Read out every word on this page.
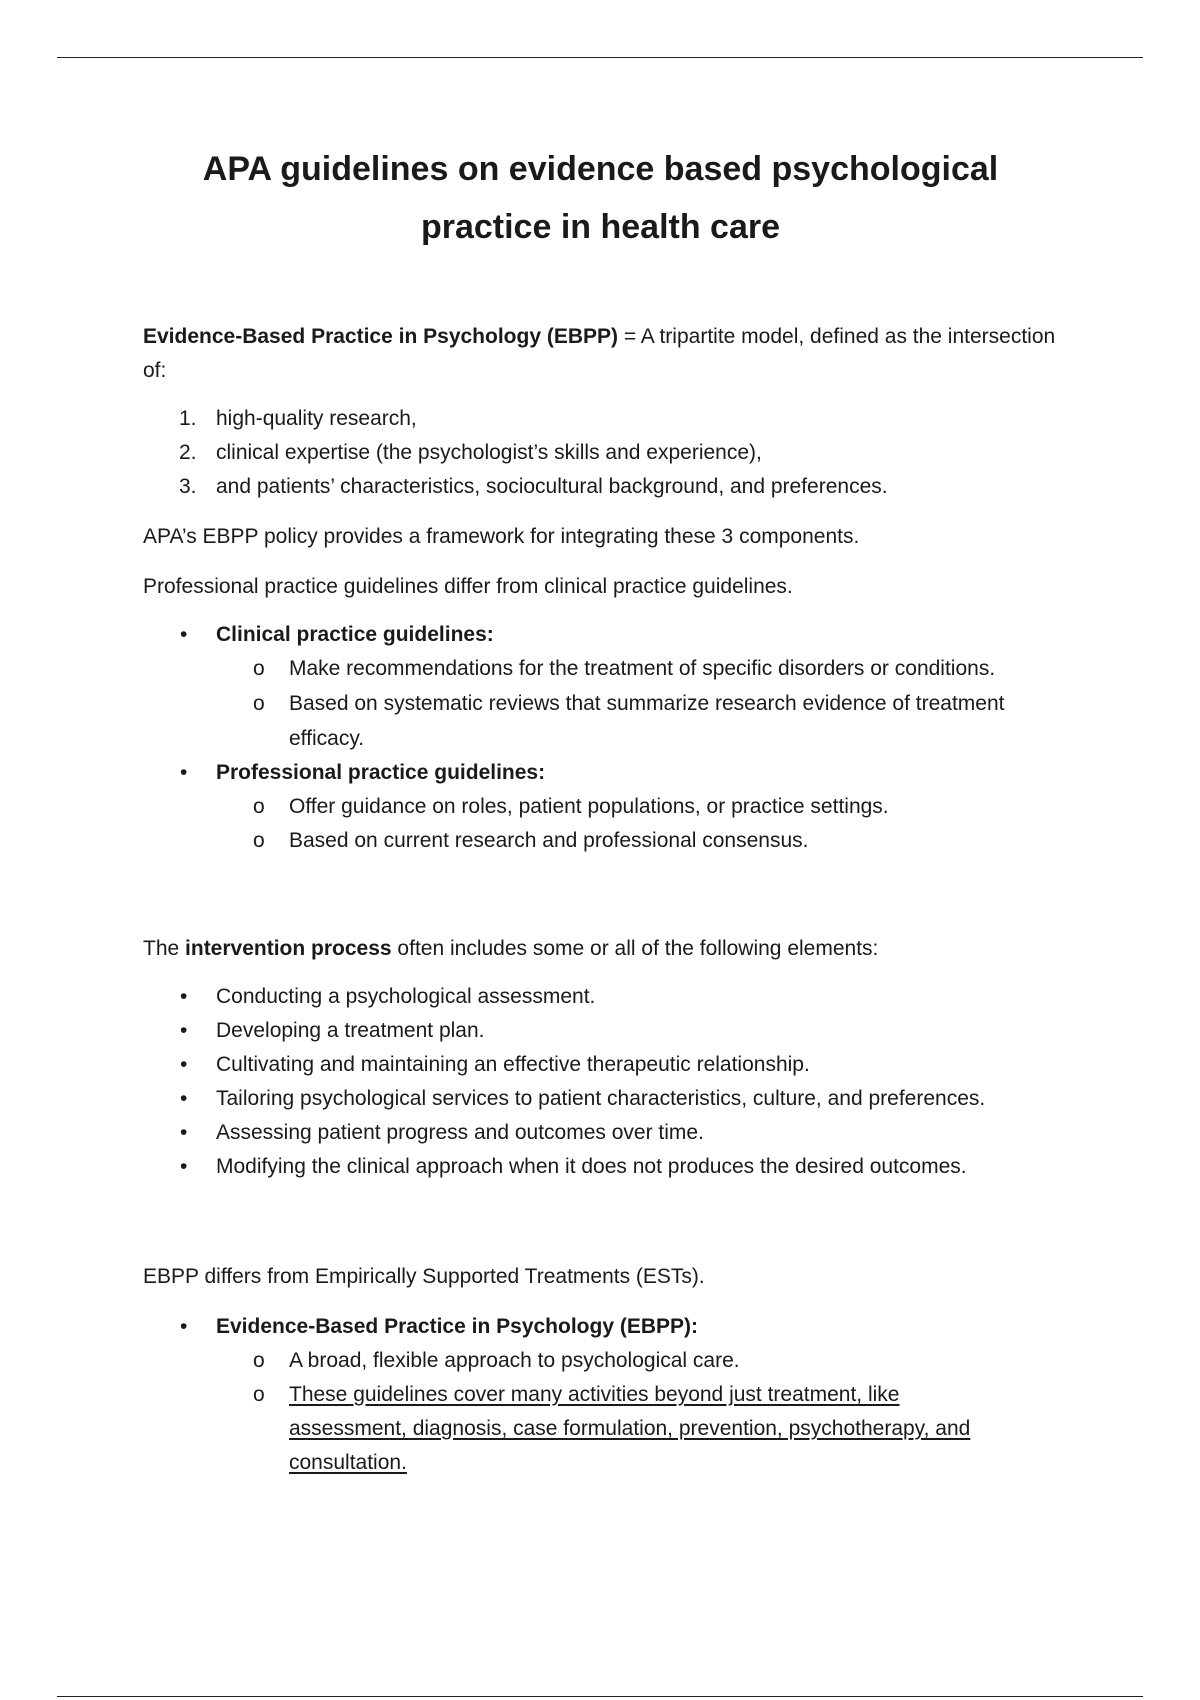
APA guidelines on evidence based psychological
practice in health care

Evidence-Based Practice in Psychology (EBPP) = A tripartite model, defined as the intersection of:

1. high-quality research,
2. clinical expertise (the psychologist’s skills and experience),
3. and patients’ characteristics, sociocultural background, and preferences.

APA’s EBPP policy provides a framework for integrating these 3 components.

Professional practice guidelines differ from clinical practice guidelines.

• Clinical practice guidelines:
o	Make recommendations for the treatment of specific disorders or conditions.
o	Based on systematic reviews that summarize research evidence of treatment efficacy.
• Professional practice guidelines:
o	Offer guidance on roles, patient populations, or practice settings.
o	Based on current research and professional consensus.

The intervention process often includes some or all of the following elements:

• Conducting a psychological assessment.
• Developing a treatment plan.
• Cultivating and maintaining an effective therapeutic relationship.
• Tailoring psychological services to patient characteristics, culture, and preferences.
• Assessing patient progress and outcomes over time.
• Modifying the clinical approach when it does not produces the desired outcomes.

EBPP differs from Empirically Supported Treatments (ESTs).

• Evidence-Based Practice in Psychology (EBPP):
o	A broad, flexible approach to psychological care.
o	These guidelines cover many activities beyond just treatment, like assessment, diagnosis, case formulation, prevention, psychotherapy, and consultation.
